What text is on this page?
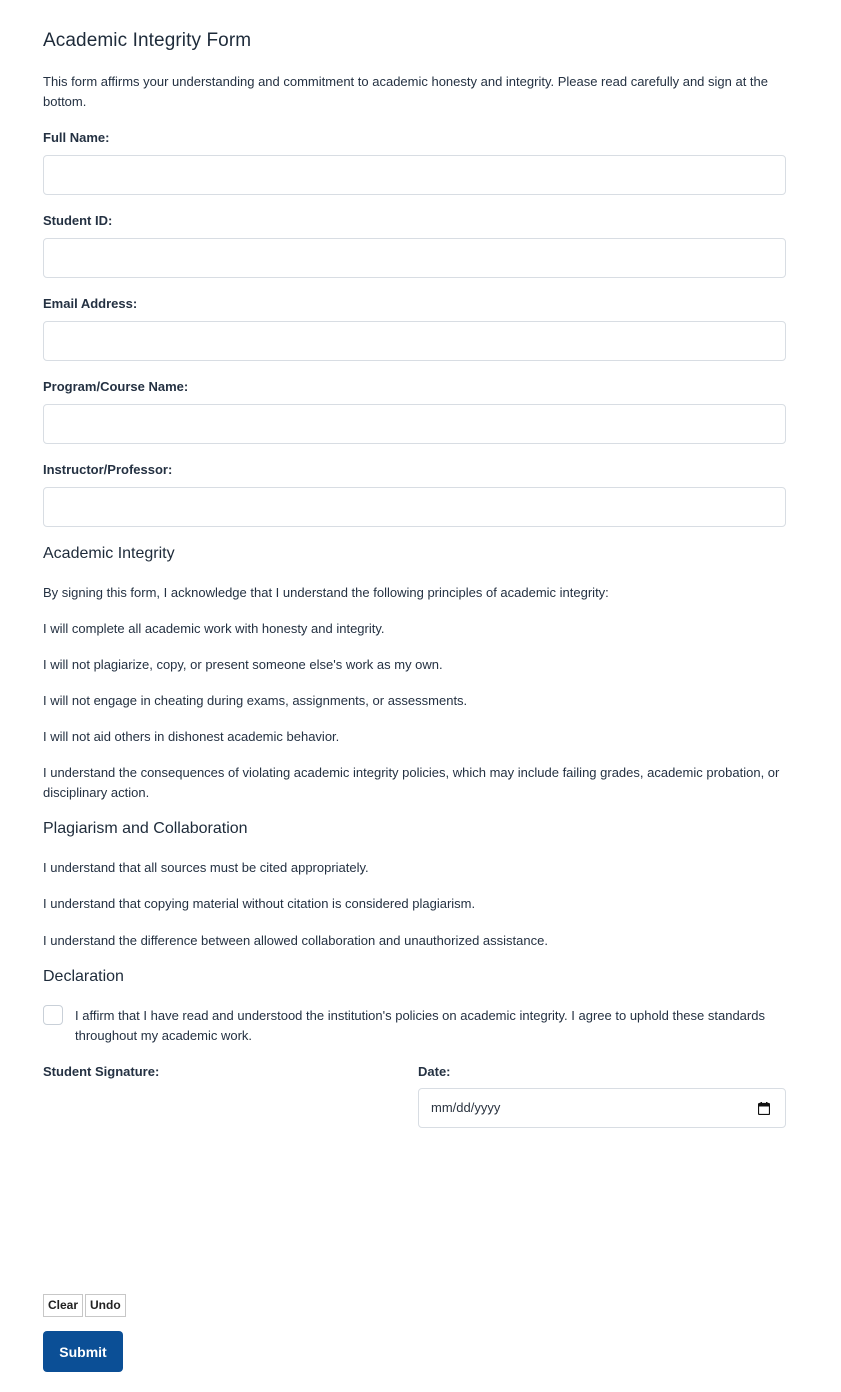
Academic Integrity Form
This form affirms your understanding and commitment to academic honesty and integrity. Please read carefully and sign at the bottom.
Full Name:
Student ID:
Email Address:
Program/Course Name:
Instructor/Professor:
Academic Integrity
By signing this form, I acknowledge that I understand the following principles of academic integrity:
I will complete all academic work with honesty and integrity.
I will not plagiarize, copy, or present someone else's work as my own.
I will not engage in cheating during exams, assignments, or assessments.
I will not aid others in dishonest academic behavior.
I understand the consequences of violating academic integrity policies, which may include failing grades, academic probation, or disciplinary action.
Plagiarism and Collaboration
I understand that all sources must be cited appropriately.
I understand that copying material without citation is considered plagiarism.
I understand the difference between allowed collaboration and unauthorized assistance.
Declaration
I affirm that I have read and understood the institution's policies on academic integrity. I agree to uphold these standards throughout my academic work.
Student Signature:	Date:
mm/dd/yyyy
Clear Undo
Submit
